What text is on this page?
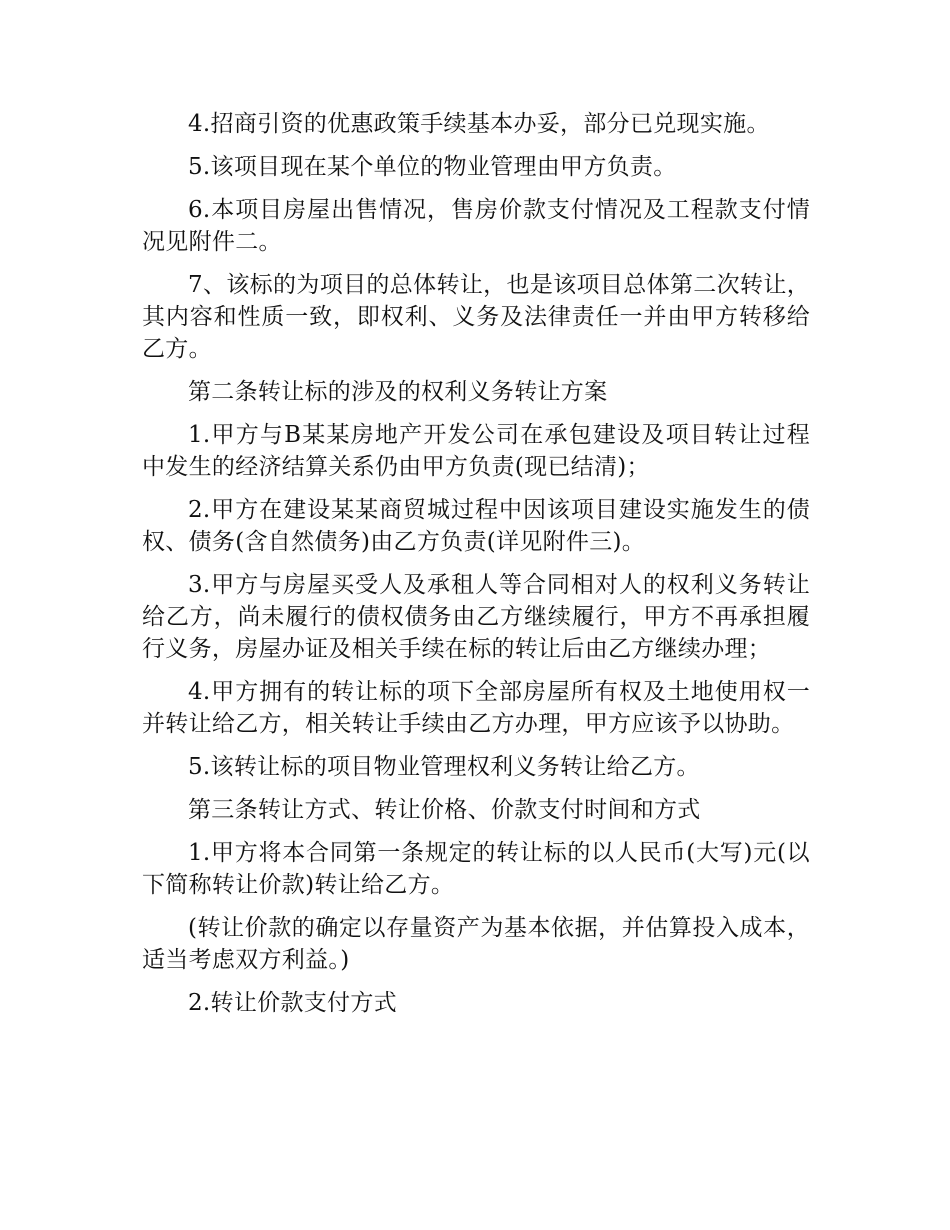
4.招商引资的优惠政策手续基本办妥，部分已兑现实施。

5.该项目现在某个单位的物业管理由甲方负责。

6.本项目房屋出售情况，售房价款支付情况及工程款支付情况见附件二。

7、该标的为项目的总体转让，也是该项目总体第二次转让，其内容和性质一致，即权利、义务及法律责任一并由甲方转移给乙方。

第二条转让标的涉及的权利义务转让方案

1.甲方与B某某房地产开发公司在承包建设及项目转让过程中发生的经济结算关系仍由甲方负责(现已结清)；

2.甲方在建设某某商贸城过程中因该项目建设实施发生的债权、债务(含自然债务)由乙方负责(详见附件三)。

3.甲方与房屋买受人及承租人等合同相对人的权利义务转让给乙方，尚未履行的债权债务由乙方继续履行，甲方不再承担履行义务，房屋办证及相关手续在标的转让后由乙方继续办理；

4.甲方拥有的转让标的项下全部房屋所有权及土地使用权一并转让给乙方，相关转让手续由乙方办理，甲方应该予以协助。

5.该转让标的项目物业管理权利义务转让给乙方。

第三条转让方式、转让价格、价款支付时间和方式

1.甲方将本合同第一条规定的转让标的以人民币(大写)元(以下简称转让价款)转让给乙方。

(转让价款的确定以存量资产为基本依据，并估算投入成本，适当考虑双方利益。)

2.转让价款支付方式
